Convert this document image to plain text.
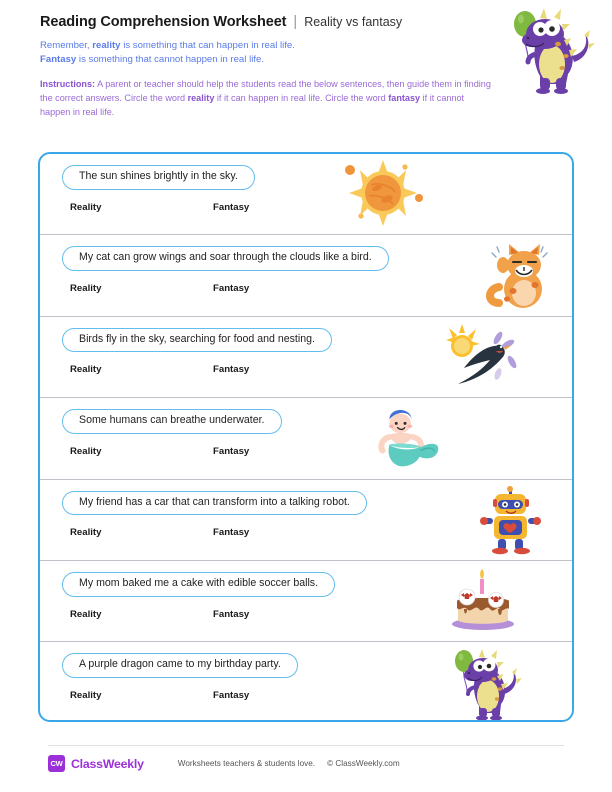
Reading Comprehension Worksheet | Reality vs fantasy
Remember, reality is something that can happen in real life.
Fantasy is something that cannot happen in real life.
Instructions: A parent or teacher should help the students read the below sentences, then guide them in finding the correct answers. Circle the word reality if it can happen in real life. Circle the word fantasy if it cannot happen in real life.
The sun shines brightly in the sky.
Reality	Fantasy
My cat can grow wings and soar through the clouds like a bird.
Reality	Fantasy
Birds fly in the sky, searching for food and nesting.
Reality	Fantasy
Some humans can breathe underwater.
Reality	Fantasy
My friend has a car that can transform into a talking robot.
Reality	Fantasy
My mom baked me a cake with edible soccer balls.
Reality	Fantasy
A purple dragon came to my birthday party.
Reality	Fantasy
CW ClassWeekly	Worksheets teachers & students love. © ClassWeekly.com
